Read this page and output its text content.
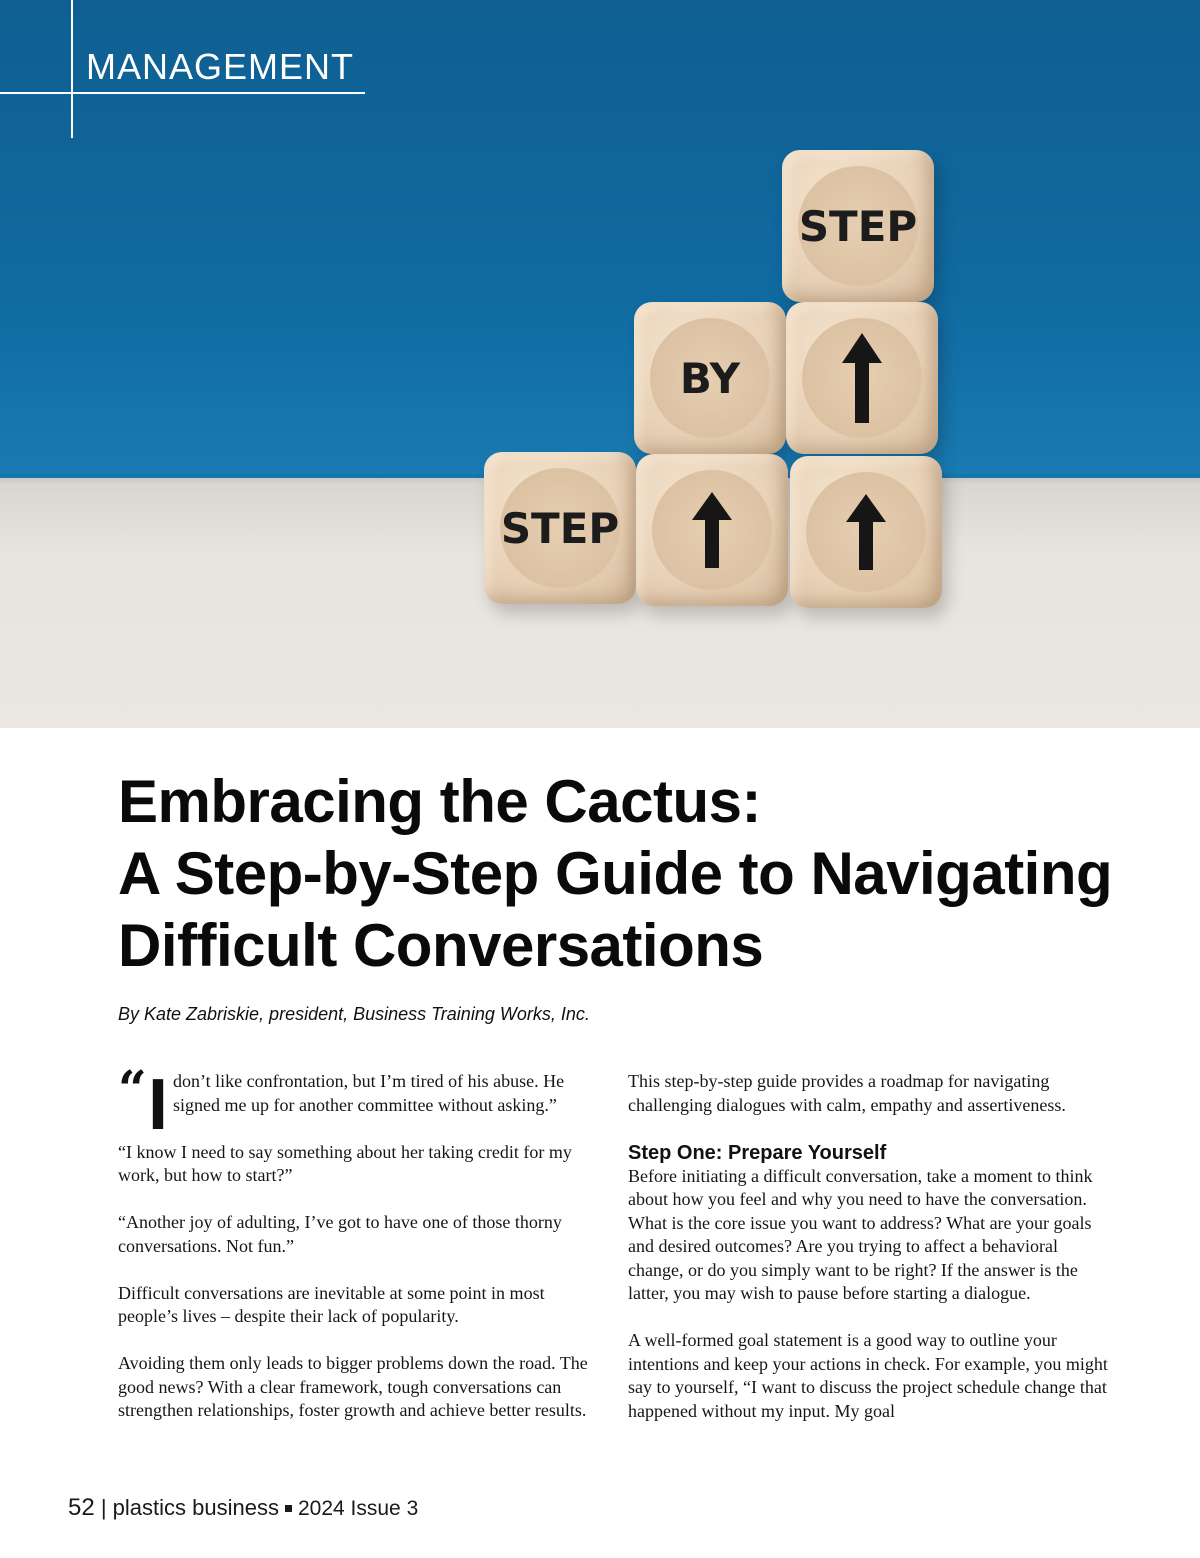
MANAGEMENT
STEP
BY
STEP
Embracing the Cactus:
A Step-by-Step Guide to Navigating
Difficult Conversations
By Kate Zabriskie, president, Business Training Works, Inc.
“ I don’t like confrontation, but I’m tired of his abuse. He signed me up for another committee without asking.”

“I know I need to say something about her taking credit for my work, but how to start?”

“Another joy of adulting, I’ve got to have one of those thorny conversations. Not fun.”

Difficult conversations are inevitable at some point in most people’s lives – despite their lack of popularity.

Avoiding them only leads to bigger problems down the road. The good news? With a clear framework, tough conversations can strengthen relationships, foster growth and achieve better results.

This step-by-step guide provides a roadmap for navigating challenging dialogues with calm, empathy and assertiveness.

Step One: Prepare Yourself

Before initiating a difficult conversation, take a moment to think about how you feel and why you need to have the conversation. What is the core issue you want to address? What are your goals and desired outcomes? Are you trying to affect a behavioral change, or do you simply want to be right? If the answer is the latter, you may wish to pause before starting a dialogue.

A well-formed goal statement is a good way to outline your intentions and keep your actions in check. For example, you might say to yourself, “I want to discuss the project schedule change that happened without my input. My goal

52 | plastics business 2024 Issue 3
